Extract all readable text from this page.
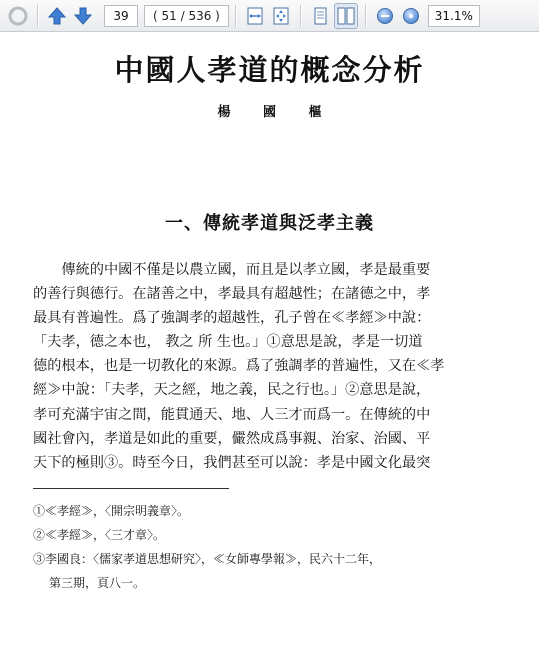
39	( 51 / 536 )	31.1%
中國人孝道的概念分析
楊 國 樞
一、傳統孝道與泛孝主義
　　傳統的中國不僅是以農立國，而且是以孝立國，孝是最重要
的善行與德行。在諸善之中，孝最具有超越性；在諸德之中，孝
最具有普遍性。爲了強調孝的超越性，孔子曾在≪孝經≫中說：
「夫孝，德之本也， 教之 所 生也。」①意思是說，孝是一切道
德的根本，也是一切教化的來源。爲了強調孝的普遍性，又在≪孝
經≫中說：「夫孝，天之經，地之義，民之行也。」②意思是說，
孝可充滿宇宙之間，能貫通天、地、人三才而爲一。在傳統的中
國社會內，孝道是如此的重要，儼然成爲事親、治家、治國、平
天下的極則③。時至今日，我們甚至可以說：孝是中國文化最突
①≪孝經≫，〈開宗明義章〉。
②≪孝經≫，〈三才章〉。
③李國良：〈儒家孝道思想研究〉，≪女師專學報≫，民六十二年，
第三期，頁八一。
